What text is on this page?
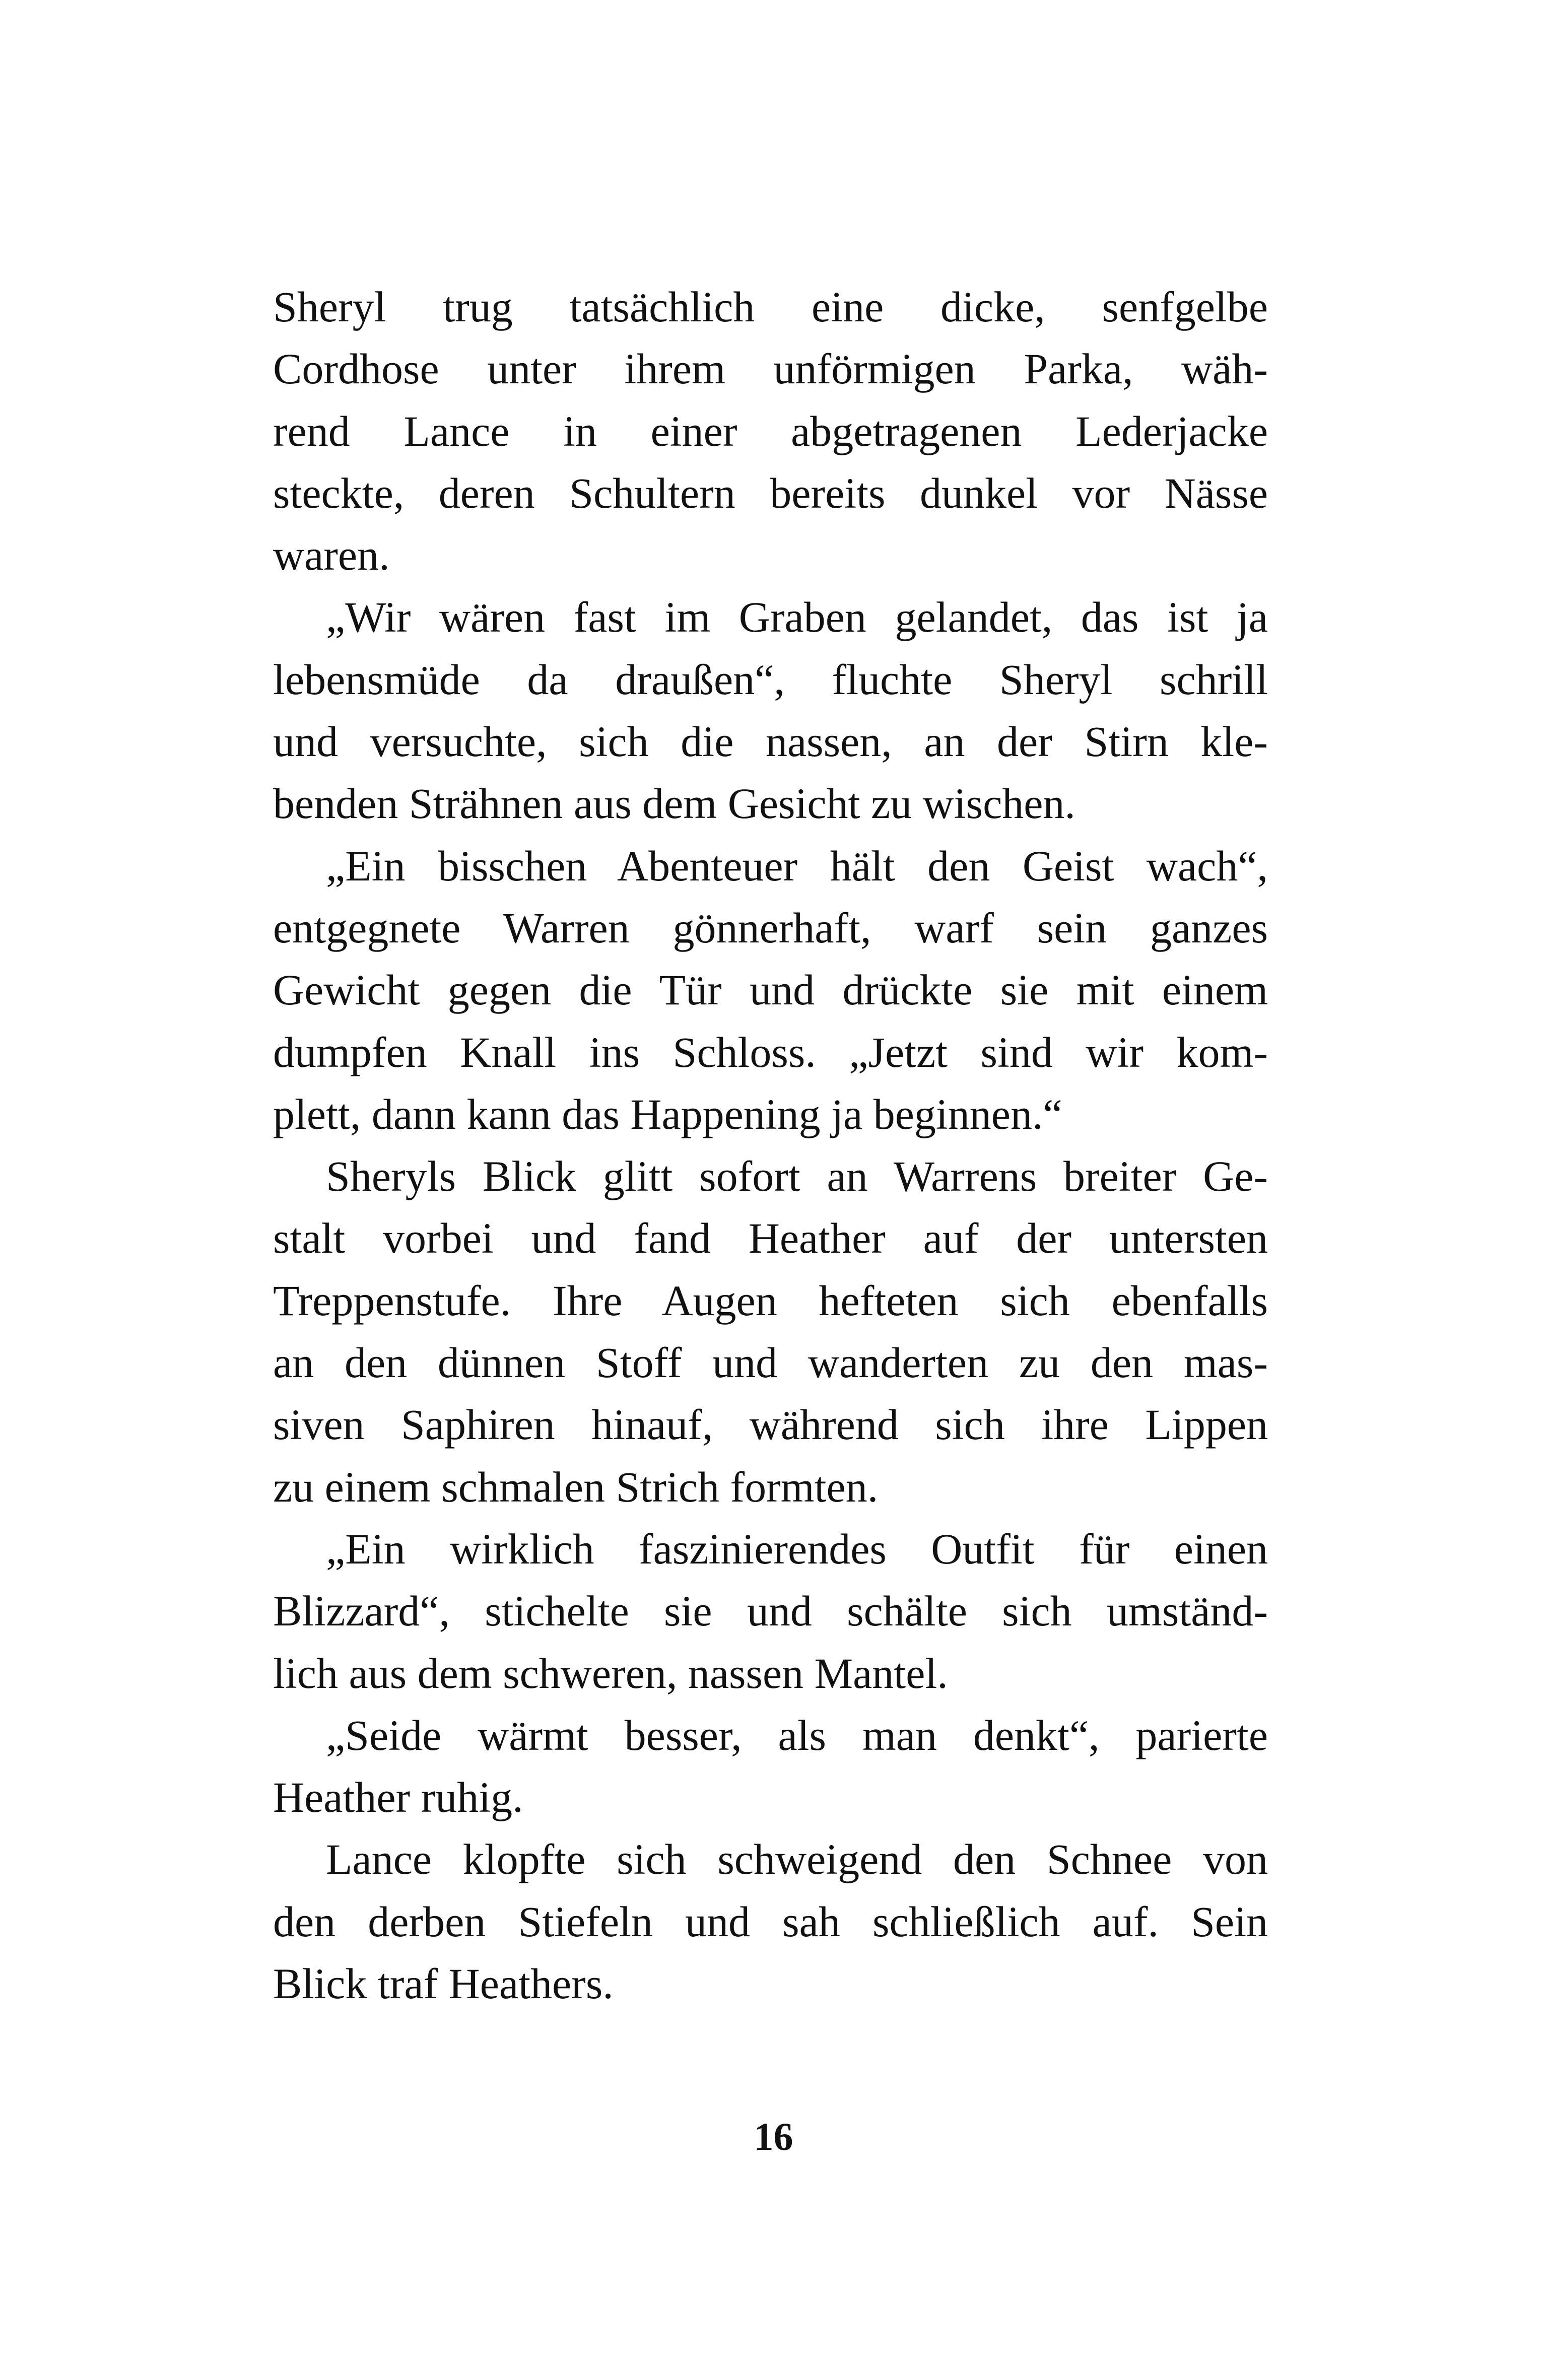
Sheryl trug tatsächlich eine dicke, senfgelbe
Cordhose unter ihrem unförmigen Parka, wäh-
rend Lance in einer abgetragenen Lederjacke
steckte, deren Schultern bereits dunkel vor Nässe
waren.
„Wir wären fast im Graben gelandet, das ist ja
lebensmüde da draußen“, fluchte Sheryl schrill
und versuchte, sich die nassen, an der Stirn kle-
benden Strähnen aus dem Gesicht zu wischen.
„Ein bisschen Abenteuer hält den Geist wach“,
entgegnete Warren gönnerhaft, warf sein ganzes
Gewicht gegen die Tür und drückte sie mit einem
dumpfen Knall ins Schloss. „Jetzt sind wir kom-
plett, dann kann das Happening ja beginnen.“
Sheryls Blick glitt sofort an Warrens breiter Ge-
stalt vorbei und fand Heather auf der untersten
Treppenstufe. Ihre Augen hefteten sich ebenfalls
an den dünnen Stoff und wanderten zu den mas-
siven Saphiren hinauf, während sich ihre Lippen
zu einem schmalen Strich formten.
„Ein wirklich faszinierendes Outfit für einen
Blizzard“, stichelte sie und schälte sich umständ-
lich aus dem schweren, nassen Mantel.
„Seide wärmt besser, als man denkt“, parierte
Heather ruhig.
Lance klopfte sich schweigend den Schnee von
den derben Stiefeln und sah schließlich auf. Sein
Blick traf Heathers.
16
